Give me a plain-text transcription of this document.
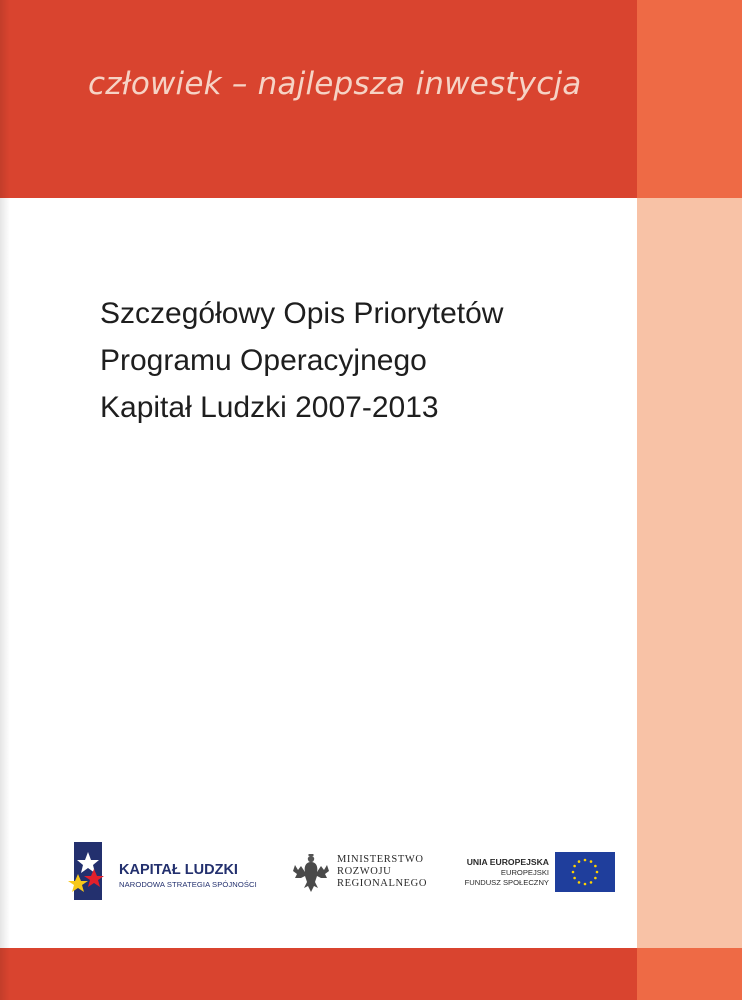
człowiek – najlepsza inwestycja
Szczegółowy Opis Priorytetów
Programu Operacyjnego
Kapitał Ludzki 2007-2013
KAPITAŁ LUDZKI
NARODOWA STRATEGIA SPÓJNOŚCI
MINISTERSTWO
ROZWOJU
REGIONALNEGO
UNIA EUROPEJSKA
EUROPEJSKI
FUNDUSZ SPOŁECZNY
